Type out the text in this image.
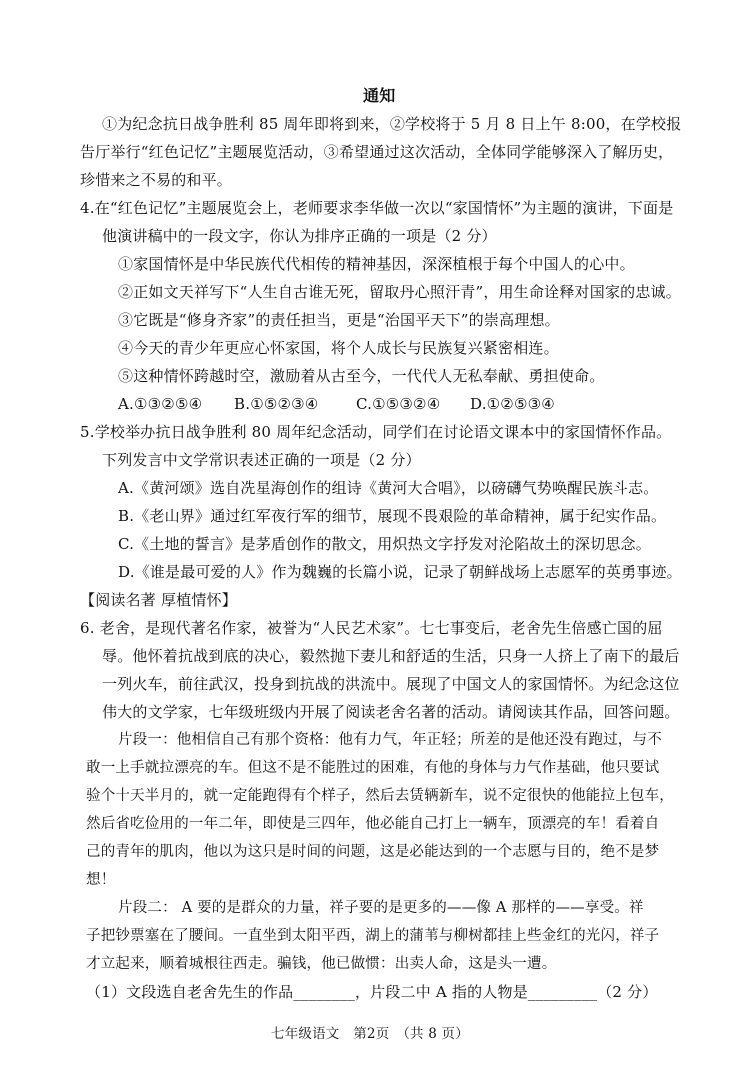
通知
①为纪念抗日战争胜利 85 周年即将到来，②学校将于 5 月 8 日上午 8:00，在学校报
告厅举行“红色记忆”主题展览活动，③希望通过这次活动，全体同学能够深入了解历史，
珍惜来之不易的和平。
4.在“红色记忆”主题展览会上，老师要求李华做一次以“家国情怀”为主题的演讲，下面是
他演讲稿中的一段文字，你认为排序正确的一项是（2 分）
①家国情怀是中华民族代代相传的精神基因，深深植根于每个中国人的心中。
②正如文天祥写下“人生自古谁无死，留取丹心照汗青”，用生命诠释对国家的忠诚。
③它既是“修身齐家”的责任担当，更是“治国平天下”的崇高理想。
④今天的青少年更应心怀家国，将个人成长与民族复兴紧密相连。
⑤这种情怀跨越时空，激励着从古至今，一代代人无私奉献、勇担使命。
A.①③②⑤④ B.①⑤②③④	C.①⑤③②④ D.①②⑤③④
5.学校举办抗日战争胜利 80 周年纪念活动，同学们在讨论语文课本中的家国情怀作品。
下列发言中文学常识表述正确的一项是（2 分）
A.《黄河颂》选自冼星海创作的组诗《黄河大合唱》，以磅礴气势唤醒民族斗志。
B.《老山界》通过红军夜行军的细节，展现不畏艰险的革命精神，属于纪实作品。
C.《土地的誓言》是茅盾创作的散文，用炽热文字抒发对沦陷故土的深切思念。
D.《谁是最可爱的人》作为魏巍的长篇小说，记录了朝鲜战场上志愿军的英勇事迹。
【阅读名著 厚植情怀】
6. 老舍，是现代著名作家，被誉为“人民艺术家”。七七事变后，老舍先生倍感亡国的屈
辱。他怀着抗战到底的决心，毅然抛下妻儿和舒适的生活，只身一人挤上了南下的最后
一列火车，前往武汉，投身到抗战的洪流中。展现了中国文人的家国情怀。为纪念这位
伟大的文学家，七年级班级内开展了阅读老舍名著的活动。请阅读其作品，回答问题。
片段一：他相信自己有那个资格：他有力气，年正轻；所差的是他还没有跑过，与不
敢一上手就拉漂亮的车。但这不是不能胜过的困难，有他的身体与力气作基础，他只要试
验个十天半月的，就一定能跑得有个样子，然后去赁辆新车，说不定很快的他能拉上包车，
然后省吃俭用的一年二年，即使是三四年，他必能自己打上一辆车，顶漂亮的车！看着自
己的青年的肌肉，他以为这只是时间的问题，这是必能达到的一个志愿与目的，绝不是梦
想！
片段二： A 要的是群众的力量，祥子要的是更多的——像 A 那样的——享受。祥
子把钞票塞在了腰间。一直坐到太阳平西，湖上的蒲苇与柳树都挂上些金红的光闪，祥子
才立起来，顺着城根往西走。骗钱，他已做惯：出卖人命，这是头一遭。
（1）文段选自老舍先生的作品________，片段二中 A 指的人物是_________（2 分）
七年级语文　第2页　（共 8 页）
